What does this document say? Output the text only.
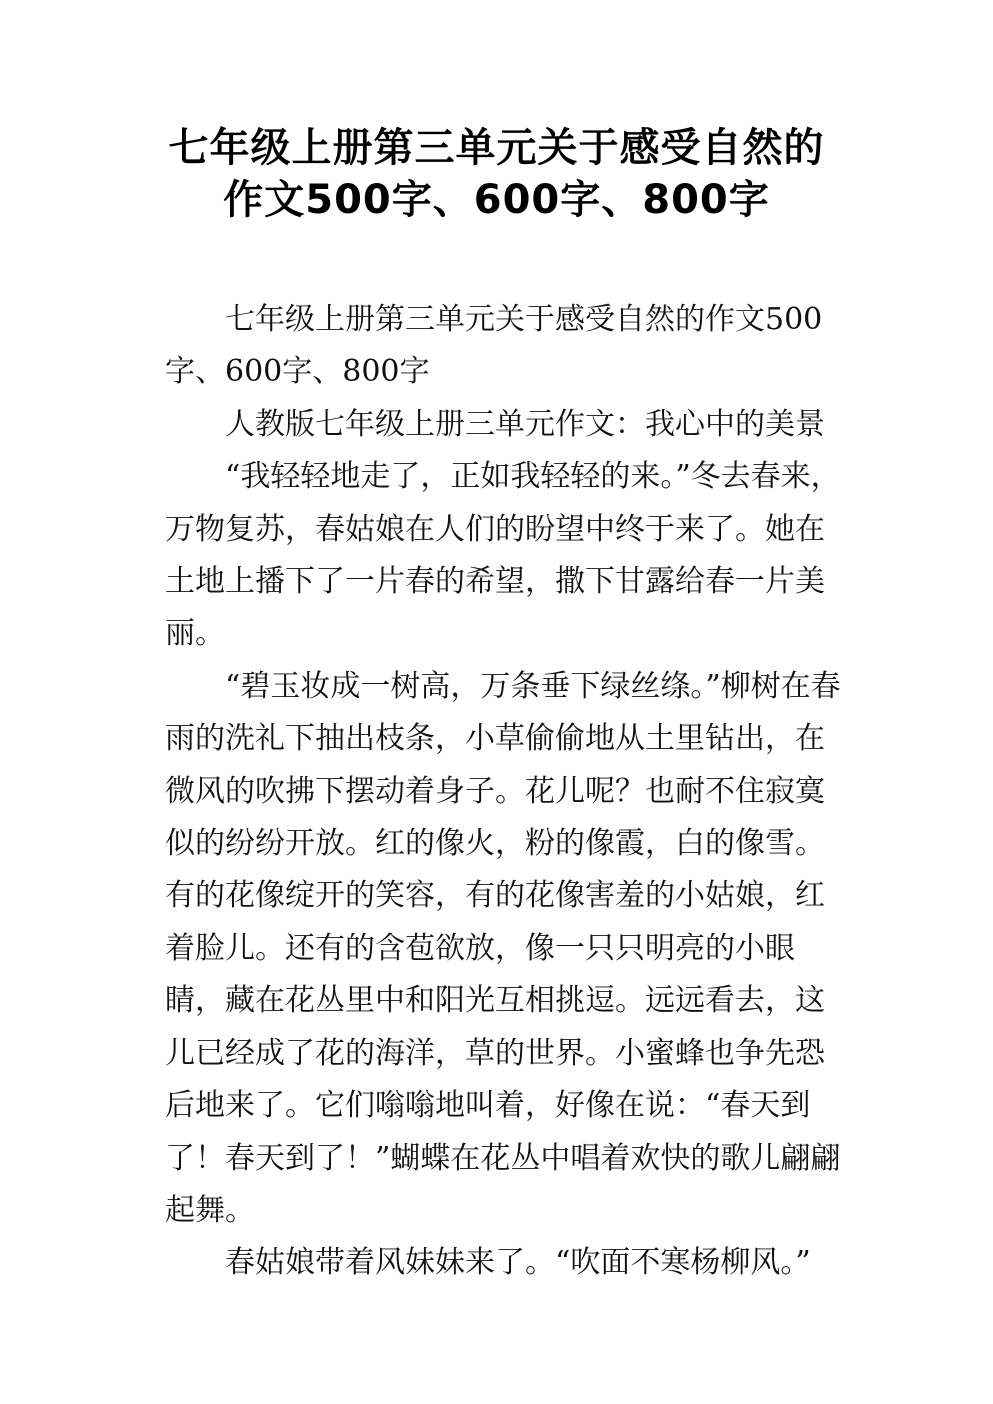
七年级上册第三单元关于感受自然的
作文500字、600字、800字

七年级上册第三单元关于感受自然的作文500字、600字、800字

人教版七年级上册三单元作文：我心中的美景

“我轻轻地走了，正如我轻轻的来。”冬去春来，万物复苏，春姑娘在人们的盼望中终于来了。她在土地上播下了一片春的希望，撒下甘露给春一片美丽。

“碧玉妆成一树高，万条垂下绿丝绦。”柳树在春雨的洗礼下抽出枝条，小草偷偷地从土里钻出，在微风的吹拂下摆动着身子。花儿呢？也耐不住寂寞似的纷纷开放。红的像火，粉的像霞，白的像雪。有的花像绽开的笑容，有的花像害羞的小姑娘，红着脸儿。还有的含苞欲放，像一只只明亮的小眼睛，藏在花丛里中和阳光互相挑逗。远远看去，这儿已经成了花的海洋，草的世界。小蜜蜂也争先恐后地来了。它们嗡嗡地叫着，好像在说：“春天到了！春天到了！”蝴蝶在花丛中唱着欢快的歌儿翩翩起舞。

春姑娘带着风妹妹来了。“吹面不寒杨柳风。”
